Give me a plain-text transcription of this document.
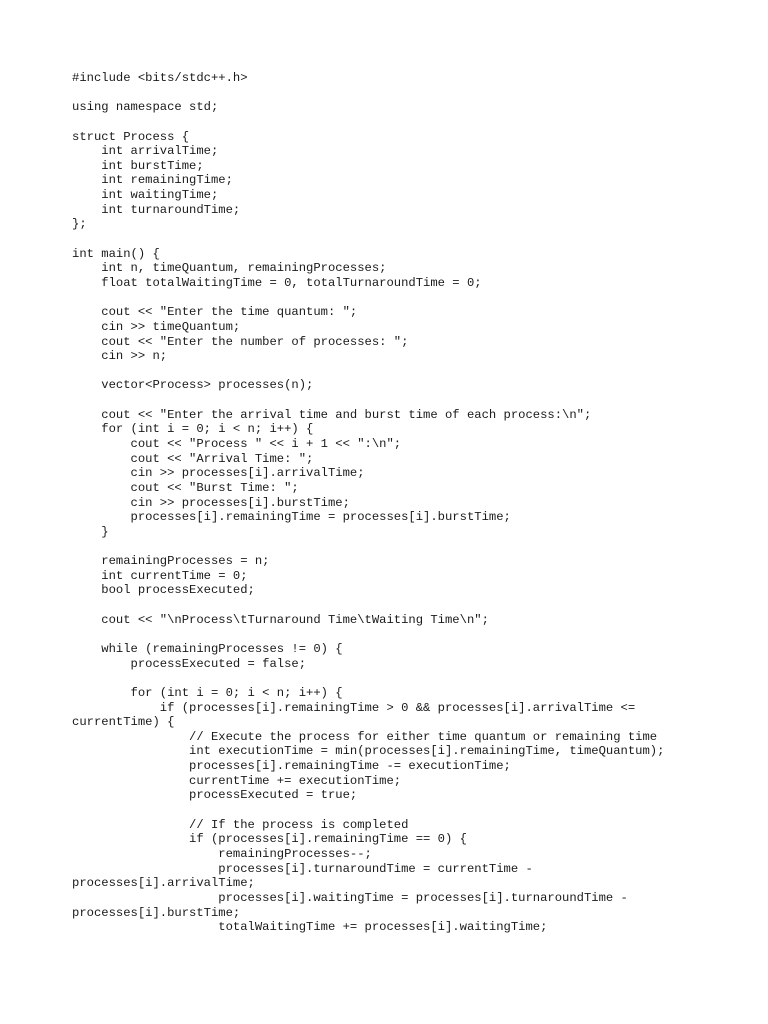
#include <bits/stdc++.h>
using namespace std;
struct Process {
int arrivalTime;
int burstTime;
int remainingTime;
int waitingTime;
int turnaroundTime;
};
int main() {
int n, timeQuantum, remainingProcesses;
float totalWaitingTime = 0, totalTurnaroundTime = 0;
cout << "Enter the time quantum: ";
cin >> timeQuantum;
cout << "Enter the number of processes: ";
cin >> n;
vector<Process> processes(n);
cout << "Enter the arrival time and burst time of each process:\n";
for (int i = 0; i < n; i++) {
cout << "Process " << i + 1 << ":\n";
cout << "Arrival Time: ";
cin >> processes[i].arrivalTime;
cout << "Burst Time: ";
cin >> processes[i].burstTime;
processes[i].remainingTime = processes[i].burstTime;
}
remainingProcesses = n;
int currentTime = 0;
bool processExecuted;
cout << "\nProcess\tTurnaround Time\tWaiting Time\n";
while (remainingProcesses != 0) {
processExecuted = false;
for (int i = 0; i < n; i++) {
if (processes[i].remainingTime > 0 && processes[i].arrivalTime <=
currentTime) {
// Execute the process for either time quantum or remaining time
int executionTime = min(processes[i].remainingTime, timeQuantum);
processes[i].remainingTime -= executionTime;
currentTime += executionTime;
processExecuted = true;
// If the process is completed
if (processes[i].remainingTime == 0) {
remainingProcesses--;
processes[i].turnaroundTime = currentTime -
processes[i].arrivalTime;
processes[i].waitingTime = processes[i].turnaroundTime -
processes[i].burstTime;
totalWaitingTime += processes[i].waitingTime;
